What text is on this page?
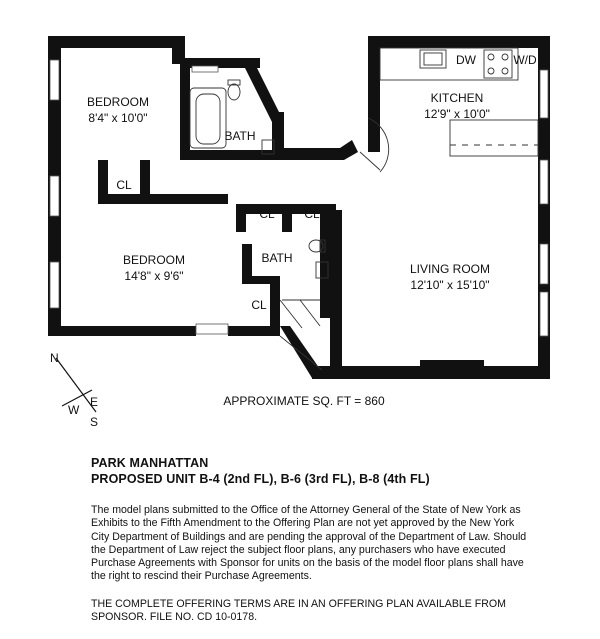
BEDROOM
8'4" x 10'0"
BATH
CL
CL CL
CL
BEDROOM
14'8" x 9'6"
BATH
KITCHEN
12'9" x 10'0"
DW	W/D
LIVING ROOM
12'10" x 15'10"
N
E
W
S
APPROXIMATE SQ. FT = 860
PARK MANHATTAN
PROPOSED UNIT B-4 (2nd FL), B-6 (3rd FL), B-8 (4th FL)
The model plans submitted to the Office of the Attorney General of the State of New York as Exhibits to the Fifth Amendment to the Offering Plan are not yet approved by the New York City Department of Buildings and are pending the approval of the Department of Law. Should the Department of Law reject the subject floor plans, any purchasers who have executed Purchase Agreements with Sponsor for units on the basis of the model floor plans shall have the right to rescind their Purchase Agreements.
THE COMPLETE OFFERING TERMS ARE IN AN OFFERING PLAN AVAILABLE FROM SPONSOR. FILE NO. CD 10-0178.
